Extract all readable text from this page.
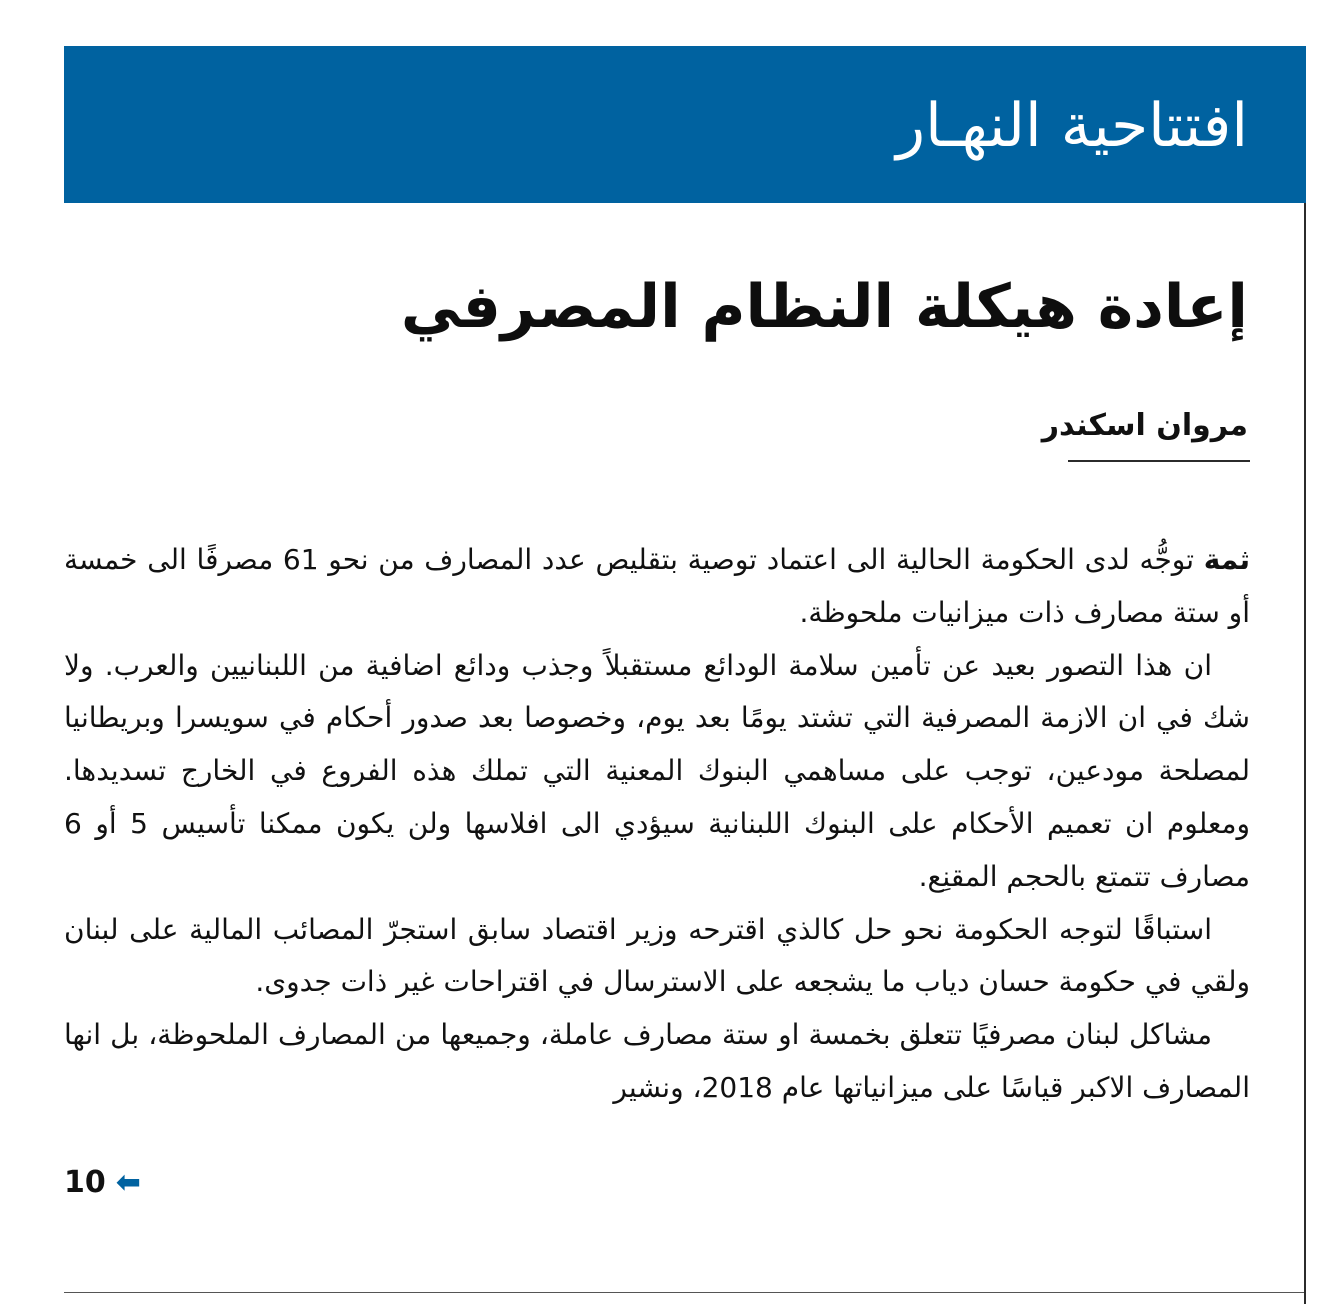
افتتاحية النهـار
إعادة هيكلة النظام المصرفي
مروان اسكندر

ثمة توجُّه لدى الحكومة الحالية الى اعتماد توصية بتقليص عدد المصارف من نحو 61 مصرفًا الى خمسة أو ستة مصارف ذات ميزانيات ملحوظة.

ان هذا التصور بعيد عن تأمين سلامة الودائع مستقبلاً وجذب ودائع اضافية من اللبنانيين والعرب. ولا شك في ان الازمة المصرفية التي تشتد يومًا بعد يوم، وخصوصا بعد صدور أحكام في سويسرا وبريطانيا لمصلحة مودعين، توجب على مساهمي البنوك المعنية التي تملك هذه الفروع في الخارج تسديدها. ومعلوم ان تعميم الأحكام على البنوك اللبنانية سيؤدي الى افلاسها ولن يكون ممكنا تأسيس 5 أو 6 مصارف تتمتع بالحجم المقنِع.

استباقًا لتوجه الحكومة نحو حل كالذي اقترحه وزير اقتصاد سابق استجرّ المصائب المالية على لبنان ولقي في حكومة حسان دياب ما يشجعه على الاسترسال في اقتراحات غير ذات جدوى.

مشاكل لبنان مصرفيًا تتعلق بخمسة او ستة مصارف عاملة، وجميعها من المصارف الملحوظة، بل انها المصارف الاكبر قياسًا على ميزانياتها عام 2018، ونشير

10 ⬅
